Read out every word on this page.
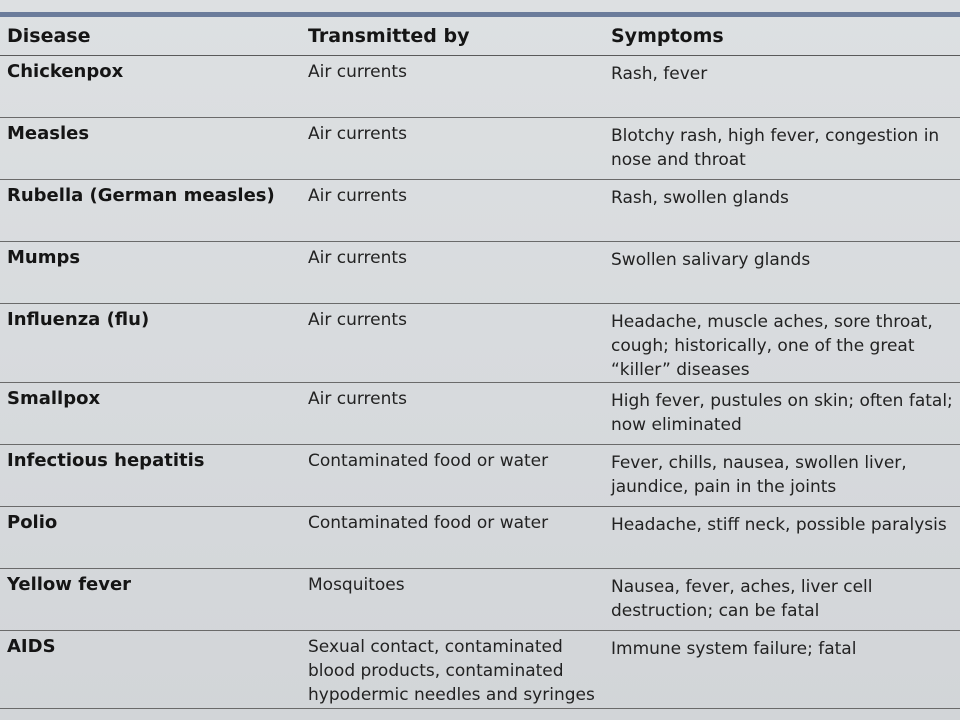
Disease	Transmitted by	Symptoms
Chickenpox	Air currents	Rash, fever
Measles	Air currents	Blotchy rash, high fever, congestion in nose and throat
Rubella (German measles)	Air currents	Rash, swollen glands
Mumps	Air currents	Swollen salivary glands
Influenza (flu)	Air currents	Headache, muscle aches, sore throat, cough; historically, one of the great “killer” diseases
Smallpox	Air currents	High fever, pustules on skin; often fatal; now eliminated
Infectious hepatitis	Contaminated food or water	Fever, chills, nausea, swollen liver, jaundice, pain in the joints
Polio	Contaminated food or water	Headache, stiff neck, possible paralysis
Yellow fever	Mosquitoes	Nausea, fever, aches, liver cell destruction; can be fatal
AIDS	Sexual contact, contaminated blood products, contaminated hypodermic needles and syringes	Immune system failure; fatal
